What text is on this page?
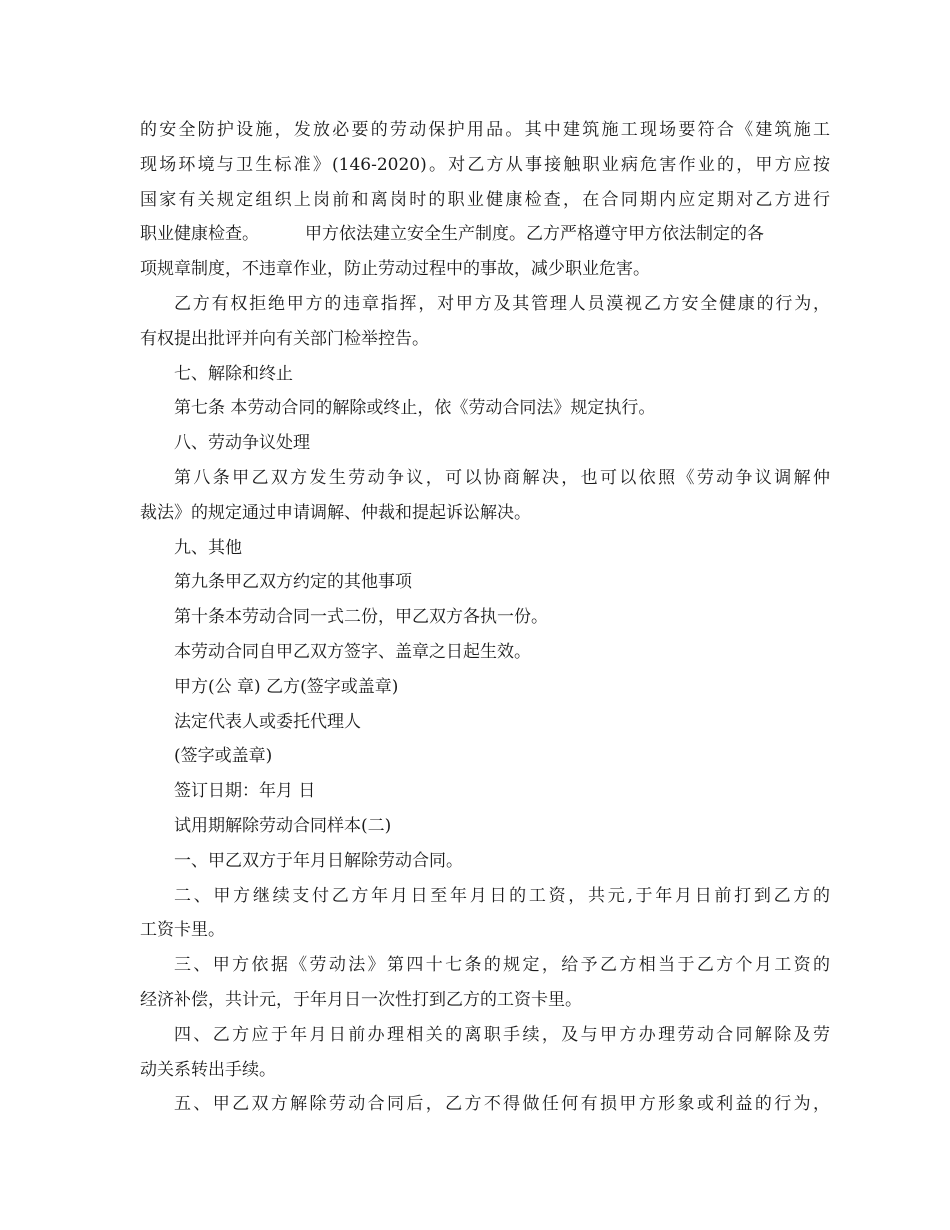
的安全防护设施，发放必要的劳动保护用品。其中建筑施工现场要符合《建筑施工
现场环境与卫生标准》(146-2020)。对乙方从事接触职业病危害作业的，甲方应按
国家有关规定组织上岗前和离岗时的职业健康检查，在合同期内应定期对乙方进行
职业健康检查。	甲方依法建立安全生产制度。乙方严格遵守甲方依法制定的各
项规章制度，不违章作业，防止劳动过程中的事故，减少职业危害。
乙方有权拒绝甲方的违章指挥，对甲方及其管理人员漠视乙方安全健康的行为，
有权提出批评并向有关部门检举控告。
七、解除和终止
第七条 本劳动合同的解除或终止，依《劳动合同法》规定执行。
八、劳动争议处理
第八条甲乙双方发生劳动争议，可以协商解决，也可以依照《劳动争议调解仲
裁法》的规定通过申请调解、仲裁和提起诉讼解决。
九、其他
第九条甲乙双方约定的其他事项
第十条本劳动合同一式二份，甲乙双方各执一份。
本劳动合同自甲乙双方签字、盖章之日起生效。
甲方(公 章) 乙方(签字或盖章)
法定代表人或委托代理人
(签字或盖章)
签订日期：年月 日
试用期解除劳动合同样本(二)
一、甲乙双方于年月日解除劳动合同。
二、甲方继续支付乙方年月日至年月日的工资，共元,于年月日前打到乙方的
工资卡里。
三、甲方依据《劳动法》第四十七条的规定，给予乙方相当于乙方个月工资的
经济补偿，共计元，于年月日一次性打到乙方的工资卡里。
四、乙方应于年月日前办理相关的离职手续，及与甲方办理劳动合同解除及劳
动关系转出手续。
五、甲乙双方解除劳动合同后，乙方不得做任何有损甲方形象或利益的行为，
